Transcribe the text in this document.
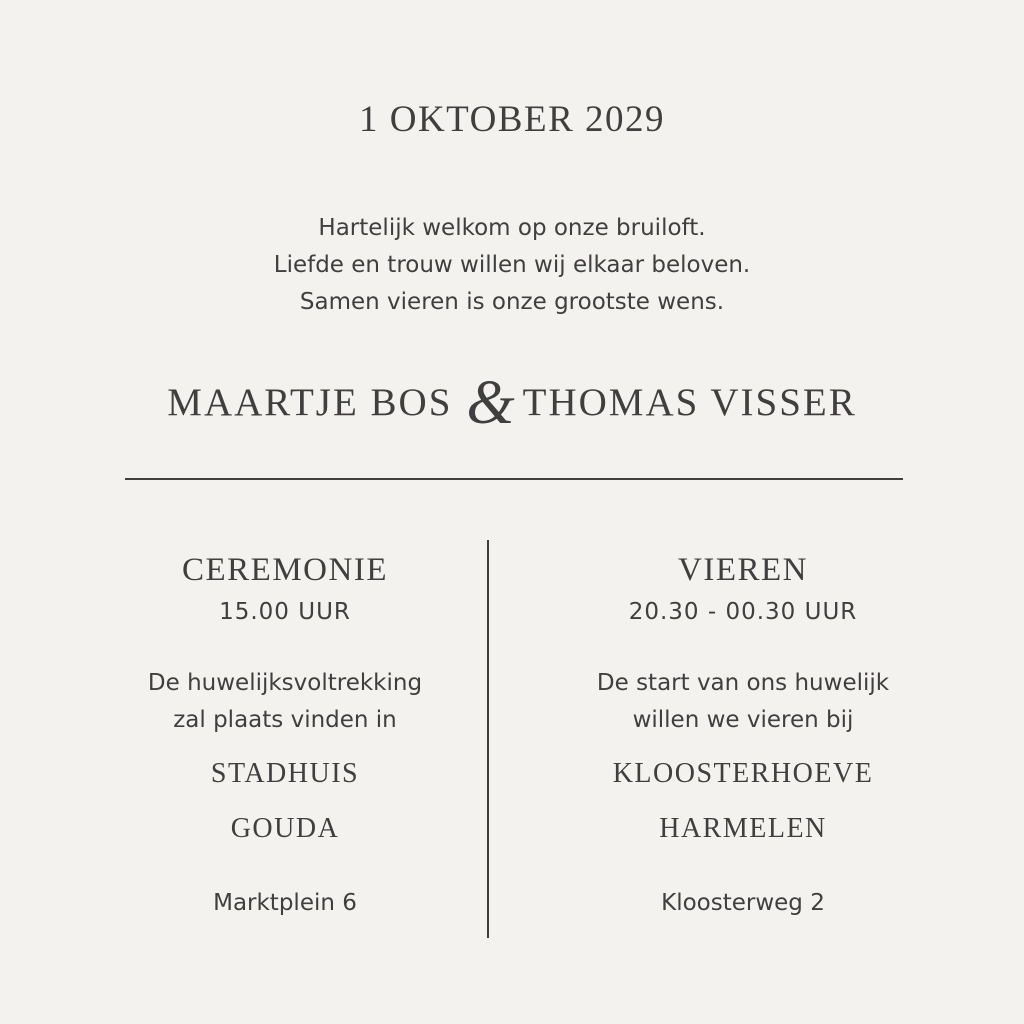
1 OKTOBER 2029
Hartelijk welkom op onze bruiloft.
Liefde en trouw willen wij elkaar beloven.
Samen vieren is onze grootste wens.
MAARTJE BOS & THOMAS VISSER
CEREMONIE
15.00 UUR
De huwelijksvoltrekking
zal plaats vinden in
STADHUIS
GOUDA
Marktplein 6
VIEREN
20.30 - 00.30 UUR
De start van ons huwelijk
willen we vieren bij
KLOOSTERHOEVE
HARMELEN
Kloosterweg 2
